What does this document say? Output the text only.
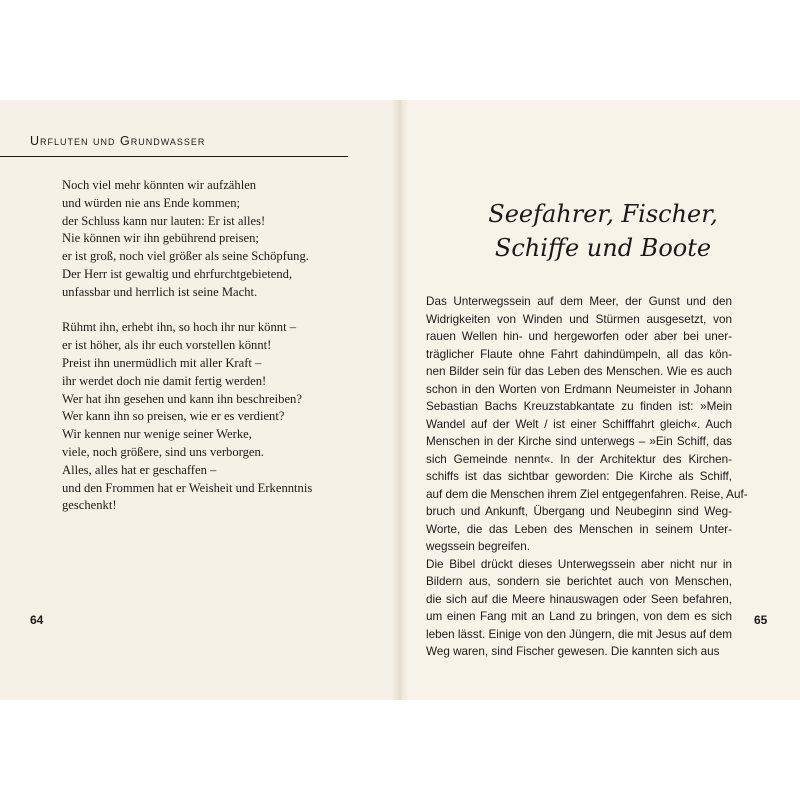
Urfluten und Grundwasser
Noch viel mehr könnten wir aufzählen
und würden nie ans Ende kommen;
der Schluss kann nur lauten: Er ist alles!
Nie können wir ihn gebührend preisen;
er ist groß, noch viel größer als seine Schöpfung.
Der Herr ist gewaltig und ehrfurchtgebietend,
unfassbar und herrlich ist seine Macht.
Rühmt ihn, erhebt ihn, so hoch ihr nur könnt –
er ist höher, als ihr euch vorstellen könnt!
Preist ihn unermüdlich mit aller Kraft –
ihr werdet doch nie damit fertig werden!
Wer hat ihn gesehen und kann ihn beschreiben?
Wer kann ihn so preisen, wie er es verdient?
Wir kennen nur wenige seiner Werke,
viele, noch größere, sind uns verborgen.
Alles, alles hat er geschaffen –
und den Frommen hat er Weisheit und Erkenntnis geschenkt!
64
Seefahrer, Fischer,
Schiffe und Boote
Das Unterwegssein auf dem Meer, der Gunst und den
Widrigkeiten von Winden und Stürmen ausgesetzt, von
rauen Wellen hin- und hergeworfen oder aber bei uner-
träglicher Flaute ohne Fahrt dahindümpeln, all das kön-
nen Bilder sein für das Leben des Menschen. Wie es auch
schon in den Worten von Erdmann Neumeister in Johann
Sebastian Bachs Kreuzstabkantate zu finden ist: »Mein
Wandel auf der Welt / ist einer Schifffahrt gleich«. Auch
Menschen in der Kirche sind unterwegs – »Ein Schiff, das
sich Gemeinde nennt«. In der Architektur des Kirchen-
schiffs ist das sichtbar geworden: Die Kirche als Schiff,
auf dem die Menschen ihrem Ziel entgegenfahren. Reise, Auf-
bruch und Ankunft, Übergang und Neubeginn sind Weg-
Worte, die das Leben des Menschen in seinem Unter-
wegssein begreifen.
Die Bibel drückt dieses Unterwegssein aber nicht nur in
Bildern aus, sondern sie berichtet auch von Menschen,
die sich auf die Meere hinauswagen oder Seen befahren,
um einen Fang mit an Land zu bringen, von dem es sich
leben lässt. Einige von den Jüngern, die mit Jesus auf dem
Weg waren, sind Fischer gewesen. Die kannten sich aus
65
